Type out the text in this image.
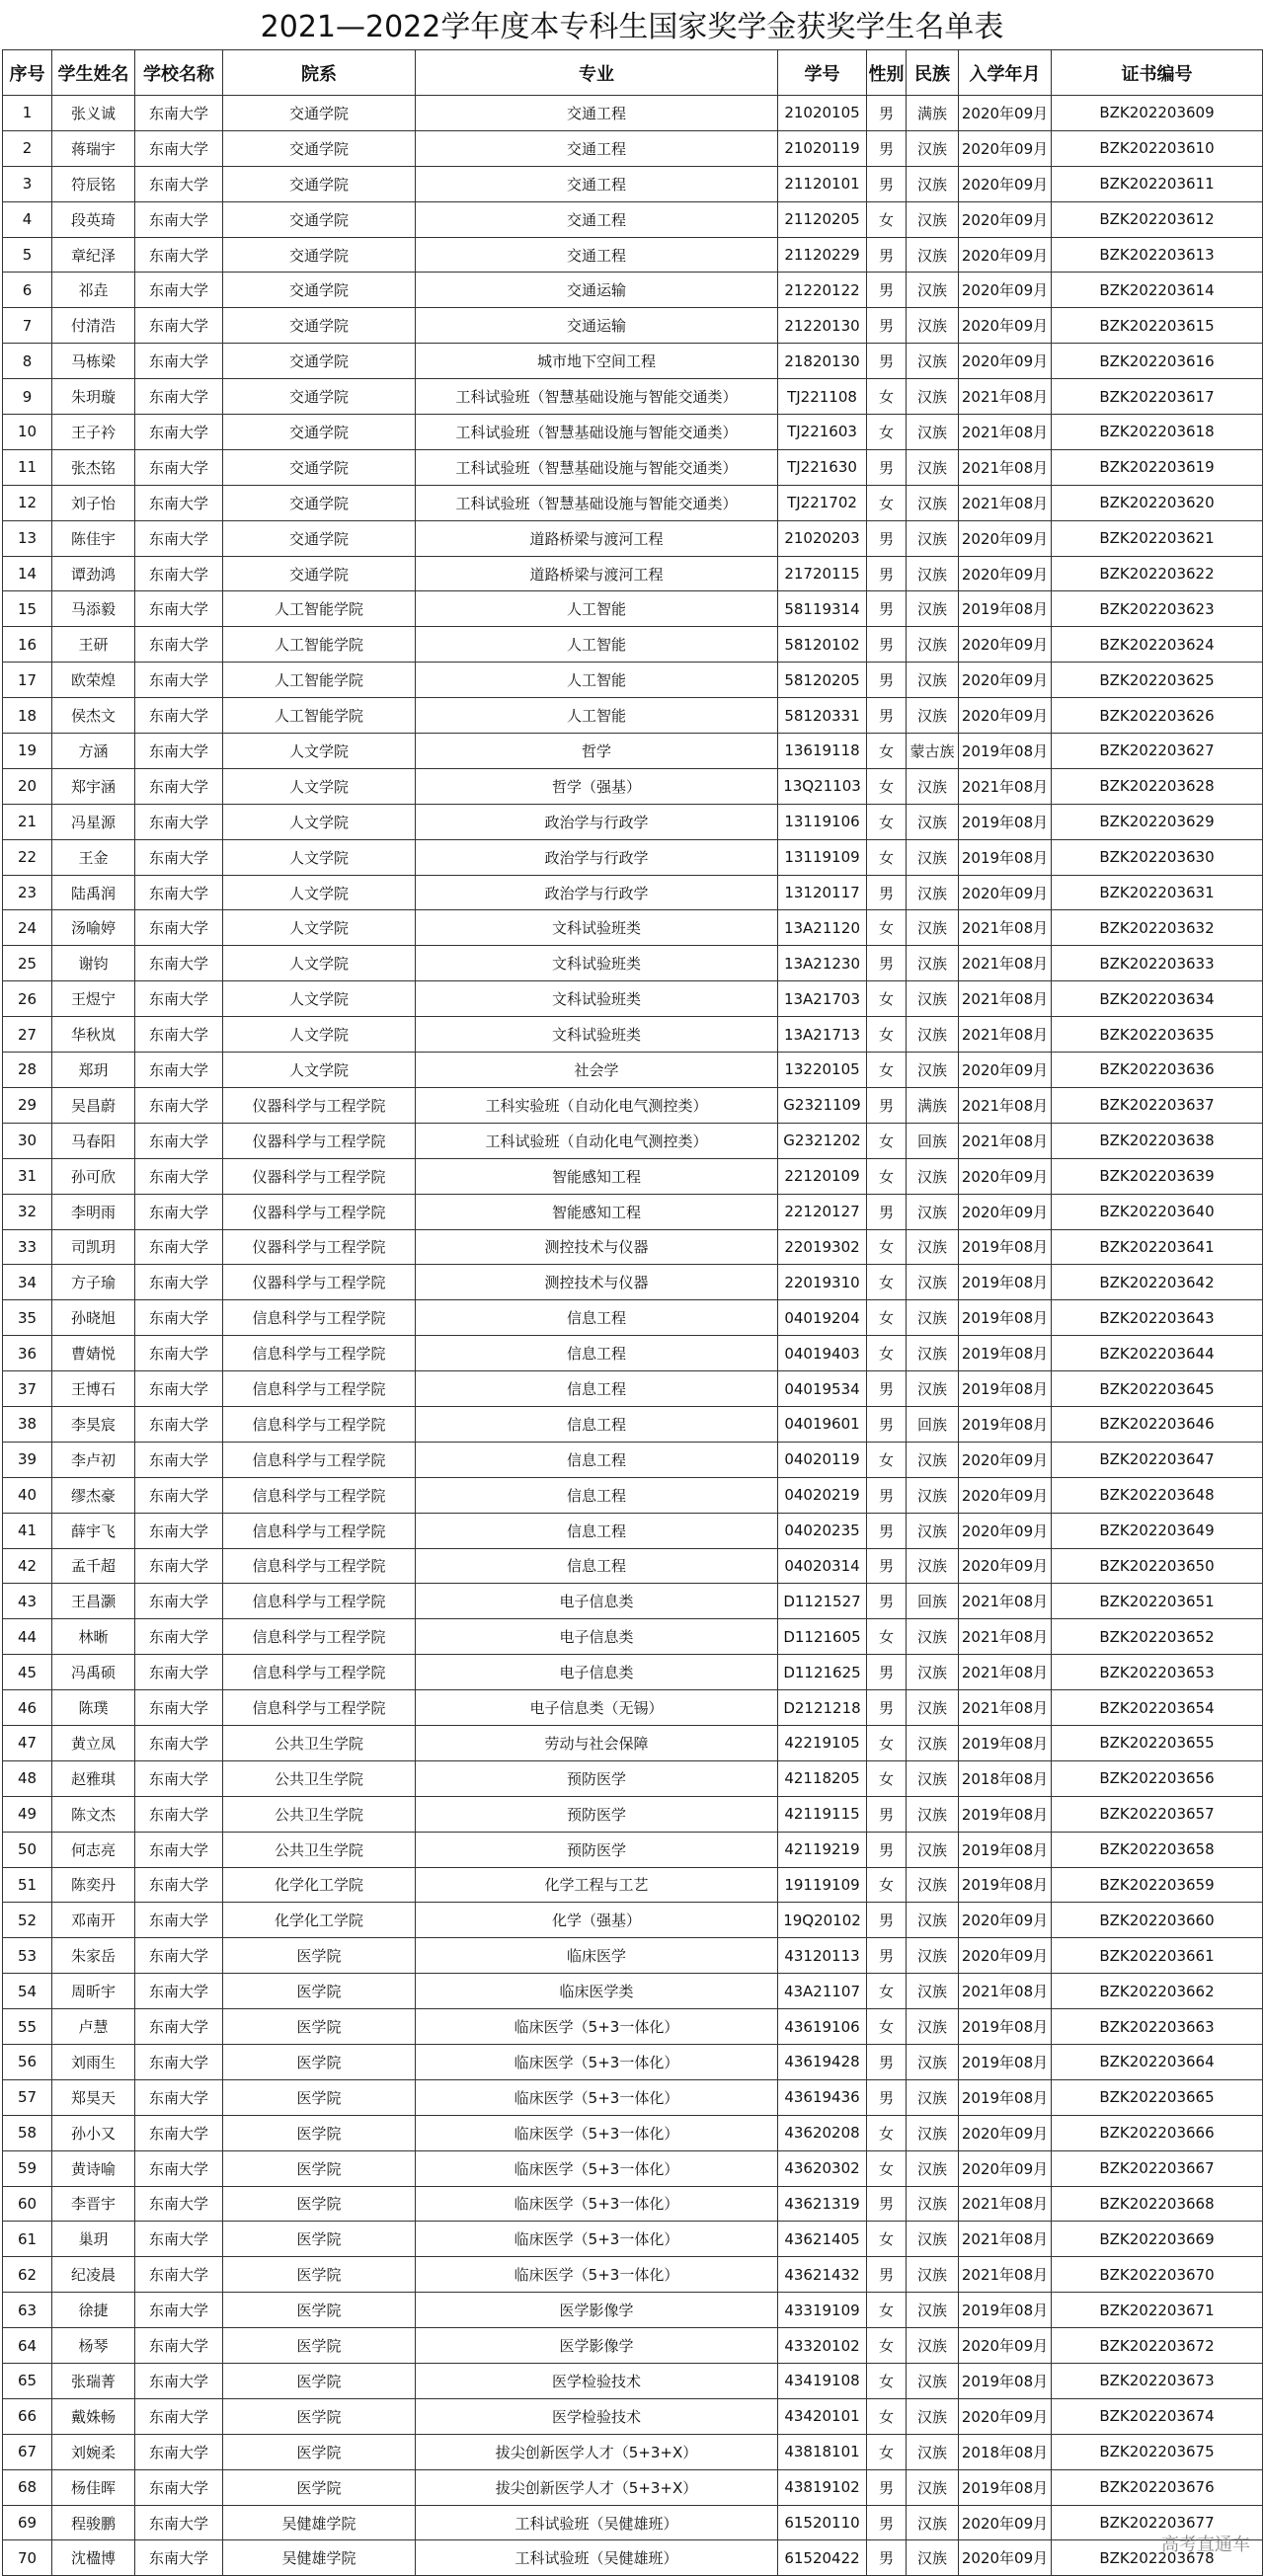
2021—2022学年度本专科生国家奖学金获奖学生名单表
序号	学生姓名	学校名称	院系	专业	学号	性别	民族	入学年月	证书编号
1	张义诚	东南大学	交通学院	交通工程	21020105	男	满族	2020年09月	BZK202203609
2	蒋瑞宇	东南大学	交通学院	交通工程	21020119	男	汉族	2020年09月	BZK202203610
3	符辰铭	东南大学	交通学院	交通工程	21120101	男	汉族	2020年09月	BZK202203611
4	段英琦	东南大学	交通学院	交通工程	21120205	女	汉族	2020年09月	BZK202203612
5	章纪泽	东南大学	交通学院	交通工程	21120229	男	汉族	2020年09月	BZK202203613
6	祁垚	东南大学	交通学院	交通运输	21220122	男	汉族	2020年09月	BZK202203614
7	付清浩	东南大学	交通学院	交通运输	21220130	男	汉族	2020年09月	BZK202203615
8	马栋梁	东南大学	交通学院	城市地下空间工程	21820130	男	汉族	2020年09月	BZK202203616
9	朱玥璇	东南大学	交通学院	工科试验班（智慧基础设施与智能交通类）	TJ221108	女	汉族	2021年08月	BZK202203617
10	王子衿	东南大学	交通学院	工科试验班（智慧基础设施与智能交通类）	TJ221603	女	汉族	2021年08月	BZK202203618
11	张杰铭	东南大学	交通学院	工科试验班（智慧基础设施与智能交通类）	TJ221630	男	汉族	2021年08月	BZK202203619
12	刘子怡	东南大学	交通学院	工科试验班（智慧基础设施与智能交通类）	TJ221702	女	汉族	2021年08月	BZK202203620
13	陈佳宇	东南大学	交通学院	道路桥梁与渡河工程	21020203	男	汉族	2020年09月	BZK202203621
14	谭劲鸿	东南大学	交通学院	道路桥梁与渡河工程	21720115	男	汉族	2020年09月	BZK202203622
15	马添毅	东南大学	人工智能学院	人工智能	58119314	男	汉族	2019年08月	BZK202203623
16	王研	东南大学	人工智能学院	人工智能	58120102	男	汉族	2020年09月	BZK202203624
17	欧荣煌	东南大学	人工智能学院	人工智能	58120205	男	汉族	2020年09月	BZK202203625
18	侯杰文	东南大学	人工智能学院	人工智能	58120331	男	汉族	2020年09月	BZK202203626
19	方涵	东南大学	人文学院	哲学	13619118	女	蒙古族	2019年08月	BZK202203627
20	郑宇涵	东南大学	人文学院	哲学（强基）	13Q21103	女	汉族	2021年08月	BZK202203628
21	冯星源	东南大学	人文学院	政治学与行政学	13119106	女	汉族	2019年08月	BZK202203629
22	王金	东南大学	人文学院	政治学与行政学	13119109	女	汉族	2019年08月	BZK202203630
23	陆禹润	东南大学	人文学院	政治学与行政学	13120117	男	汉族	2020年09月	BZK202203631
24	汤喻婷	东南大学	人文学院	文科试验班类	13A21120	女	汉族	2021年08月	BZK202203632
25	谢钧	东南大学	人文学院	文科试验班类	13A21230	男	汉族	2021年08月	BZK202203633
26	王煜宁	东南大学	人文学院	文科试验班类	13A21703	女	汉族	2021年08月	BZK202203634
27	华秋岚	东南大学	人文学院	文科试验班类	13A21713	女	汉族	2021年08月	BZK202203635
28	郑玥	东南大学	人文学院	社会学	13220105	女	汉族	2020年09月	BZK202203636
29	吴昌蔚	东南大学	仪器科学与工程学院	工科实验班（自动化电气测控类）	G2321109	男	满族	2021年08月	BZK202203637
30	马春阳	东南大学	仪器科学与工程学院	工科试验班（自动化电气测控类）	G2321202	女	回族	2021年08月	BZK202203638
31	孙可欣	东南大学	仪器科学与工程学院	智能感知工程	22120109	女	汉族	2020年09月	BZK202203639
32	李明雨	东南大学	仪器科学与工程学院	智能感知工程	22120127	男	汉族	2020年09月	BZK202203640
33	司凯玥	东南大学	仪器科学与工程学院	测控技术与仪器	22019302	女	汉族	2019年08月	BZK202203641
34	方子瑜	东南大学	仪器科学与工程学院	测控技术与仪器	22019310	女	汉族	2019年08月	BZK202203642
35	孙晓旭	东南大学	信息科学与工程学院	信息工程	04019204	女	汉族	2019年08月	BZK202203643
36	曹婧悦	东南大学	信息科学与工程学院	信息工程	04019403	女	汉族	2019年08月	BZK202203644
37	王博石	东南大学	信息科学与工程学院	信息工程	04019534	男	汉族	2019年08月	BZK202203645
38	李昊宸	东南大学	信息科学与工程学院	信息工程	04019601	男	回族	2019年08月	BZK202203646
39	李卢初	东南大学	信息科学与工程学院	信息工程	04020119	女	汉族	2020年09月	BZK202203647
40	缪杰豪	东南大学	信息科学与工程学院	信息工程	04020219	男	汉族	2020年09月	BZK202203648
41	薛宇飞	东南大学	信息科学与工程学院	信息工程	04020235	男	汉族	2020年09月	BZK202203649
42	孟千超	东南大学	信息科学与工程学院	信息工程	04020314	男	汉族	2020年09月	BZK202203650
43	王昌灏	东南大学	信息科学与工程学院	电子信息类	D1121527	男	回族	2021年08月	BZK202203651
44	林晰	东南大学	信息科学与工程学院	电子信息类	D1121605	女	汉族	2021年08月	BZK202203652
45	冯禹硕	东南大学	信息科学与工程学院	电子信息类	D1121625	男	汉族	2021年08月	BZK202203653
46	陈璞	东南大学	信息科学与工程学院	电子信息类（无锡）	D2121218	男	汉族	2021年08月	BZK202203654
47	黄立凤	东南大学	公共卫生学院	劳动与社会保障	42219105	女	汉族	2019年08月	BZK202203655
48	赵雅琪	东南大学	公共卫生学院	预防医学	42118205	女	汉族	2018年08月	BZK202203656
49	陈文杰	东南大学	公共卫生学院	预防医学	42119115	男	汉族	2019年08月	BZK202203657
50	何志亮	东南大学	公共卫生学院	预防医学	42119219	男	汉族	2019年08月	BZK202203658
51	陈奕丹	东南大学	化学化工学院	化学工程与工艺	19119109	女	汉族	2019年08月	BZK202203659
52	邓南开	东南大学	化学化工学院	化学（强基）	19Q20102	男	汉族	2020年09月	BZK202203660
53	朱家岳	东南大学	医学院	临床医学	43120113	男	汉族	2020年09月	BZK202203661
54	周昕宇	东南大学	医学院	临床医学类	43A21107	女	汉族	2021年08月	BZK202203662
55	卢慧	东南大学	医学院	临床医学（5+3一体化）	43619106	女	汉族	2019年08月	BZK202203663
56	刘雨生	东南大学	医学院	临床医学（5+3一体化）	43619428	男	汉族	2019年08月	BZK202203664
57	郑昊天	东南大学	医学院	临床医学（5+3一体化）	43619436	男	汉族	2019年08月	BZK202203665
58	孙小又	东南大学	医学院	临床医学（5+3一体化）	43620208	女	汉族	2020年09月	BZK202203666
59	黄诗喻	东南大学	医学院	临床医学（5+3一体化）	43620302	女	汉族	2020年09月	BZK202203667
60	李晋宇	东南大学	医学院	临床医学（5+3一体化）	43621319	男	汉族	2021年08月	BZK202203668
61	巢玥	东南大学	医学院	临床医学（5+3一体化）	43621405	女	汉族	2021年08月	BZK202203669
62	纪凌晨	东南大学	医学院	临床医学（5+3一体化）	43621432	男	汉族	2021年08月	BZK202203670
63	徐捷	东南大学	医学院	医学影像学	43319109	女	汉族	2019年08月	BZK202203671
64	杨琴	东南大学	医学院	医学影像学	43320102	女	汉族	2020年09月	BZK202203672
65	张瑞菁	东南大学	医学院	医学检验技术	43419108	女	汉族	2019年08月	BZK202203673
66	戴姝畅	东南大学	医学院	医学检验技术	43420101	女	汉族	2020年09月	BZK202203674
67	刘婉柔	东南大学	医学院	拔尖创新医学人才（5+3+X）	43818101	女	汉族	2018年08月	BZK202203675
68	杨佳晖	东南大学	医学院	拔尖创新医学人才（5+3+X）	43819102	男	汉族	2019年08月	BZK202203676
69	程骏鹏	东南大学	吴健雄学院	工科试验班（吴健雄班）	61520110	男	汉族	2020年09月	BZK202203677
70	沈楹博	东南大学	吴健雄学院	工科试验班（吴健雄班）	61520422	男	汉族	2020年09月	BZK202203678
高考直通车
